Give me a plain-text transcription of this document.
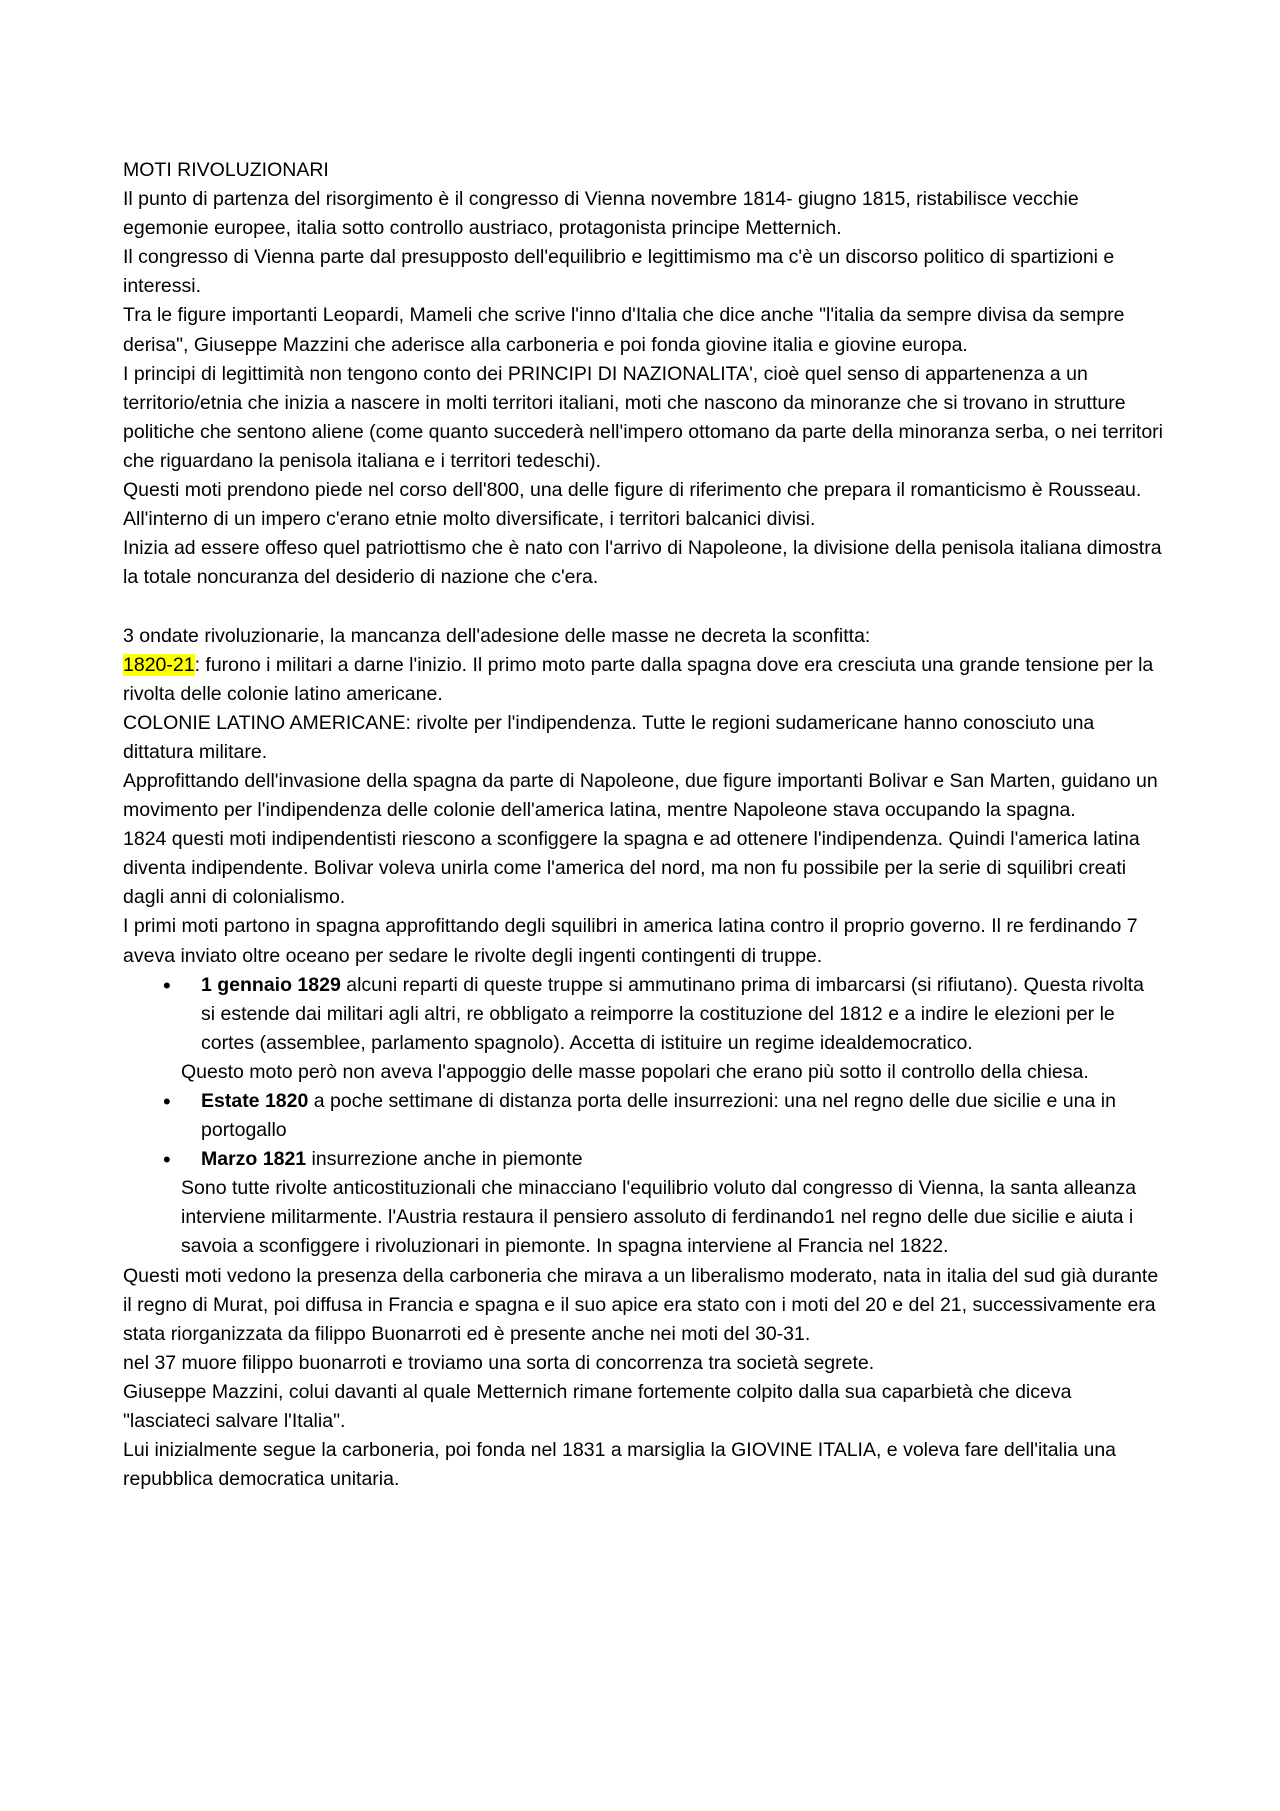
MOTI RIVOLUZIONARI

Il punto di partenza del risorgimento è il congresso di Vienna novembre 1814- giugno 1815, ristabilisce vecchie egemonie europee, italia sotto controllo austriaco, protagonista principe Metternich.

Il congresso di Vienna parte dal presupposto dell'equilibrio e legittimismo ma c'è un discorso politico di spartizioni e interessi.

Tra le figure importanti Leopardi, Mameli che scrive l'inno d'Italia che dice anche "l'italia da sempre divisa da sempre derisa", Giuseppe Mazzini che aderisce alla carboneria e poi fonda giovine italia e giovine europa.

I principi di legittimità non tengono conto dei PRINCIPI DI NAZIONALITA', cioè quel senso di appartenenza a un territorio/etnia che inizia a nascere in molti territori italiani, moti che nascono da minoranze che si trovano in strutture politiche che sentono aliene (come quanto succederà nell'impero ottomano da parte della minoranza serba, o nei territori che riguardano la penisola italiana e i territori tedeschi).

Questi moti prendono piede nel corso dell'800, una delle figure di riferimento che prepara il romanticismo è Rousseau.

All'interno di un impero c'erano etnie molto diversificate, i territori balcanici divisi.

Inizia ad essere offeso quel patriottismo che è nato con l'arrivo di Napoleone, la divisione della penisola italiana dimostra la totale noncuranza del desiderio di nazione che c'era.

3 ondate rivoluzionarie, la mancanza dell'adesione delle masse ne decreta la sconfitta:

1820-21: furono i militari a darne l'inizio. Il primo moto parte dalla spagna dove era cresciuta una grande tensione per la rivolta delle colonie latino americane.

COLONIE LATINO AMERICANE: rivolte per l'indipendenza. Tutte le regioni sudamericane hanno conosciuto una dittatura militare.

Approfittando dell'invasione della spagna da parte di Napoleone, due figure importanti Bolivar e San Marten, guidano un movimento per l'indipendenza delle colonie dell'america latina, mentre Napoleone stava occupando la spagna.

1824 questi moti indipendentisti riescono a sconfiggere la spagna e ad ottenere l'indipendenza. Quindi l'america latina diventa indipendente. Bolivar voleva unirla come l'america del nord, ma non fu possibile per la serie di squilibri creati dagli anni di colonialismo.

I primi moti partono in spagna approfittando degli squilibri in america latina contro il proprio governo. Il re ferdinando 7 aveva inviato oltre oceano per sedare le rivolte degli ingenti contingenti di truppe.

• 1 gennaio 1829 alcuni reparti di queste truppe si ammutinano prima di imbarcarsi (si rifiutano). Questa rivolta si estende dai militari agli altri, re obbligato a reimporre la costituzione del 1812 e a indire le elezioni per le cortes (assemblee, parlamento spagnolo). Accetta di istituire un regime idealdemocratico.

Questo moto però non aveva l'appoggio delle masse popolari che erano più sotto il controllo della chiesa.

• Estate 1820 a poche settimane di distanza porta delle insurrezioni: una nel regno delle due sicilie e una in portogallo
• Marzo 1821 insurrezione anche in piemonte

Sono tutte rivolte anticostituzionali che minacciano l'equilibrio voluto dal congresso di Vienna, la santa alleanza interviene militarmente. l'Austria restaura il pensiero assoluto di ferdinando1 nel regno delle due sicilie e aiuta i savoia a sconfiggere i rivoluzionari in piemonte. In spagna interviene al Francia nel 1822.

Questi moti vedono la presenza della carboneria che mirava a un liberalismo moderato, nata in italia del sud già durante il regno di Murat, poi diffusa in Francia e spagna e il suo apice era stato con i moti del 20 e del 21, successivamente era stata riorganizzata da filippo Buonarroti ed è presente anche nei moti del 30-31.

nel 37 muore filippo buonarroti e troviamo una sorta di concorrenza tra società segrete.

Giuseppe Mazzini, colui davanti al quale Metternich rimane fortemente colpito dalla sua caparbietà che diceva "lasciateci salvare l'Italia".

Lui inizialmente segue la carboneria, poi fonda nel 1831 a marsiglia la GIOVINE ITALIA, e voleva fare dell'italia una repubblica democratica unitaria.
